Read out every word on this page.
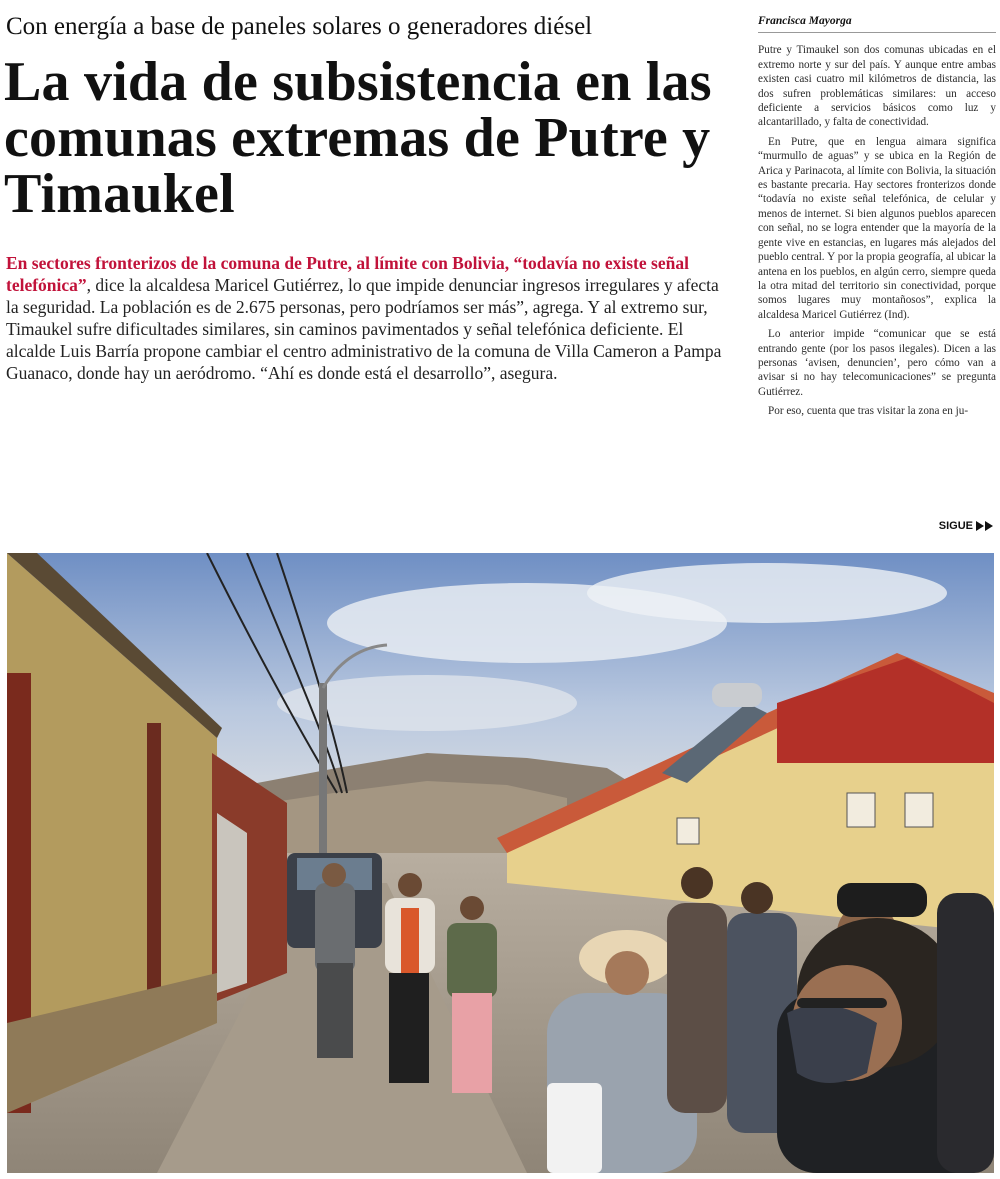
Con energía a base de paneles solares o generadores diésel
La vida de subsistencia en las comunas extremas de Putre y Timaukel
En sectores fronterizos de la comuna de Putre, al límite con Bolivia, “todavía no existe señal telefónica”, dice la alcaldesa Maricel Gutiérrez, lo que impide denunciar ingresos irregulares y afecta la seguridad. La población es de 2.675 personas, pero podríamos ser más”, agrega. Y al extremo sur, Timaukel sufre dificultades similares, sin caminos pavimentados y señal telefónica deficiente. El alcalde Luis Barría propone cambiar el centro administrativo de la comuna de Villa Cameron a Pampa Guanaco, donde hay un aeródromo. “Ahí es donde está el desarrollo”, asegura.
Francisca Mayorga

Putre y Timaukel son dos comunas ubicadas en el extremo norte y sur del país. Y aunque entre ambas existen casi cuatro mil kilómetros de distancia, las dos sufren problemáticas similares: un acceso deficiente a servicios básicos como luz y alcantarillado, y falta de conectividad.

En Putre, que en lengua aimara significa “murmullo de aguas” y se ubica en la Región de Arica y Parinacota, al límite con Bolivia, la situación es bastante precaria. Hay sectores fronterizos donde “todavía no existe señal telefónica, de celular y menos de internet. Si bien algunos pueblos aparecen con señal, no se logra entender que la mayoría de la gente vive en estancias, en lugares más alejados del pueblo central. Y por la propia geografía, al ubicar la antena en los pueblos, en algún cerro, siempre queda la otra mitad del territorio sin conectividad, porque somos lugares muy montañosos”, explica la alcaldesa Maricel Gutiérrez (Ind).

Lo anterior impide “comunicar que se está entrando gente (por los pasos ilegales). Dicen a las personas ‘avisen, denuncien’, pero cómo van a avisar si no hay telecomunicaciones” se pregunta Gutiérrez.

Por eso, cuenta que tras visitar la zona en ju-

SIGUE
